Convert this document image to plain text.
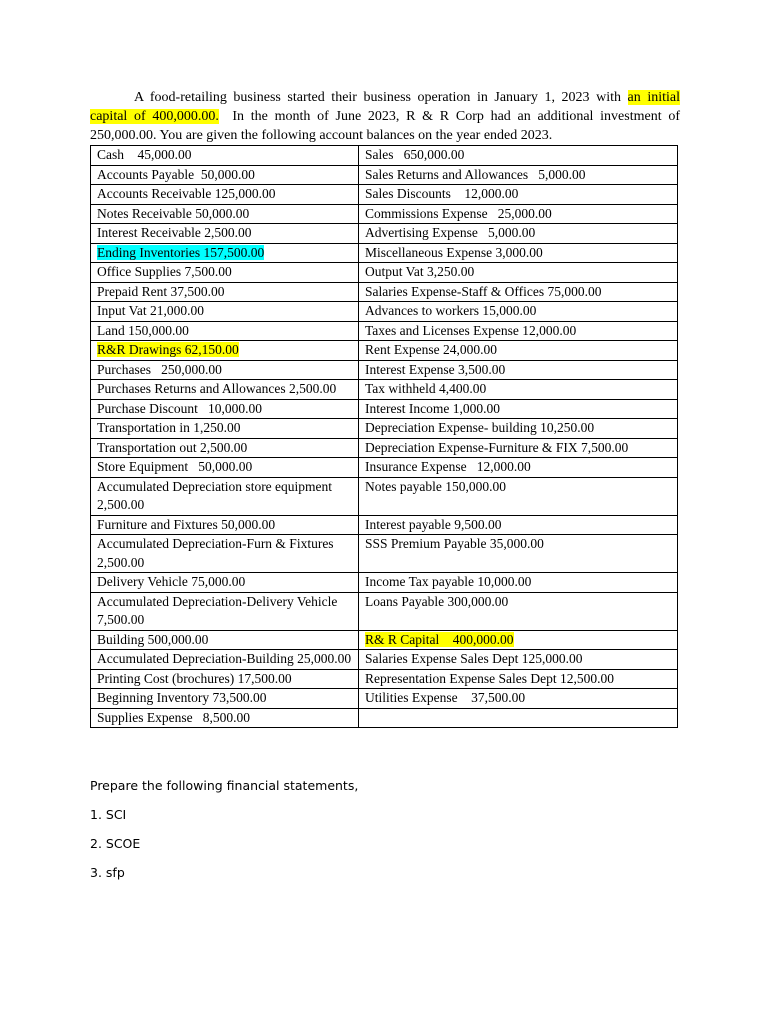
A food-retailing business started their business operation in January 1, 2023 with an initial capital of 400,000.00.  In the month of June 2023, R & R Corp had an additional investment of 250,000.00. You are given the following account balances on the year ended 2023.

Cash    45,000.00	Sales   650,000.00
Accounts Payable  50,000.00	Sales Returns and Allowances   5,000.00
Accounts Receivable 125,000.00	Sales Discounts    12,000.00
Notes Receivable 50,000.00	Commissions Expense   25,000.00
Interest Receivable 2,500.00	Advertising Expense   5,000.00
Ending Inventories 157,500.00	Miscellaneous Expense 3,000.00
Office Supplies 7,500.00	Output Vat 3,250.00
Prepaid Rent 37,500.00	Salaries Expense-Staff & Offices 75,000.00
Input Vat 21,000.00	Advances to workers 15,000.00
Land 150,000.00	Taxes and Licenses Expense 12,000.00
R&R Drawings 62,150.00	Rent Expense 24,000.00
Purchases   250,000.00	Interest Expense 3,500.00
Purchases Returns and Allowances 2,500.00	Tax withheld 4,400.00
Purchase Discount   10,000.00	Interest Income 1,000.00
Transportation in 1,250.00	Depreciation Expense- building 10,250.00
Transportation out 2,500.00	Depreciation Expense-Furniture & FIX 7,500.00
Store Equipment   50,000.00	Insurance Expense   12,000.00
Accumulated Depreciation store equipment 2,500.00	Notes payable 150,000.00
Furniture and Fixtures 50,000.00	Interest payable 9,500.00
Accumulated Depreciation-Furn & Fixtures 2,500.00	SSS Premium Payable 35,000.00
Delivery Vehicle 75,000.00	Income Tax payable 10,000.00
Accumulated Depreciation-Delivery Vehicle 7,500.00	Loans Payable 300,000.00
Building 500,000.00	R& R Capital    400,000.00
Accumulated Depreciation-Building 25,000.00	Salaries Expense Sales Dept 125,000.00
Printing Cost (brochures) 17,500.00	Representation Expense Sales Dept 12,500.00
Beginning Inventory 73,500.00	Utilities Expense    37,500.00
Supplies Expense   8,500.00	

Prepare the following financial statements,

1. SCI

2. SCOE

3. sfp
